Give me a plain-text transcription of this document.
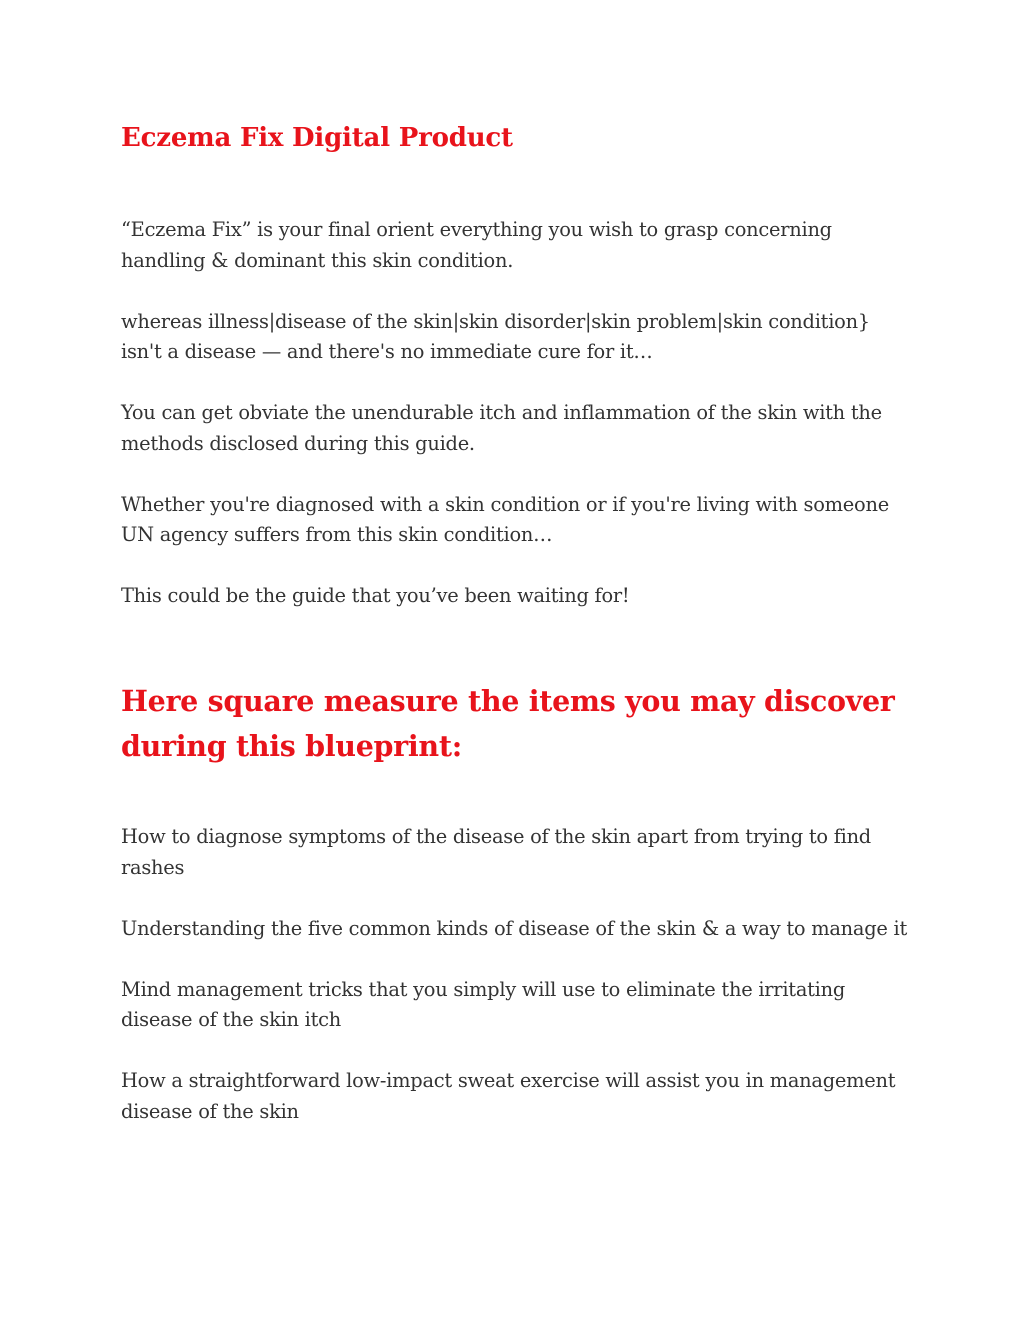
Eczema Fix Digital Product

“Eczema Fix” is your final orient everything you wish to grasp concerning handling & dominant this skin condition.

whereas illness|disease of the skin|skin disorder|skin problem|skin condition} isn't a disease — and there's no immediate cure for it…

You can get obviate the unendurable itch and inflammation of the skin with the methods disclosed during this guide.

Whether you're diagnosed with a skin condition or if you're living with someone UN agency suffers from this skin condition…

This could be the guide that you’ve been waiting for!

Here square measure the items you may discover during this blueprint:

How to diagnose symptoms of the disease of the skin apart from trying to find rashes

Understanding the five common kinds of disease of the skin & a way to manage it

Mind management tricks that you simply will use to eliminate the irritating disease of the skin itch

How a straightforward low-impact sweat exercise will assist you in management disease of the skin
